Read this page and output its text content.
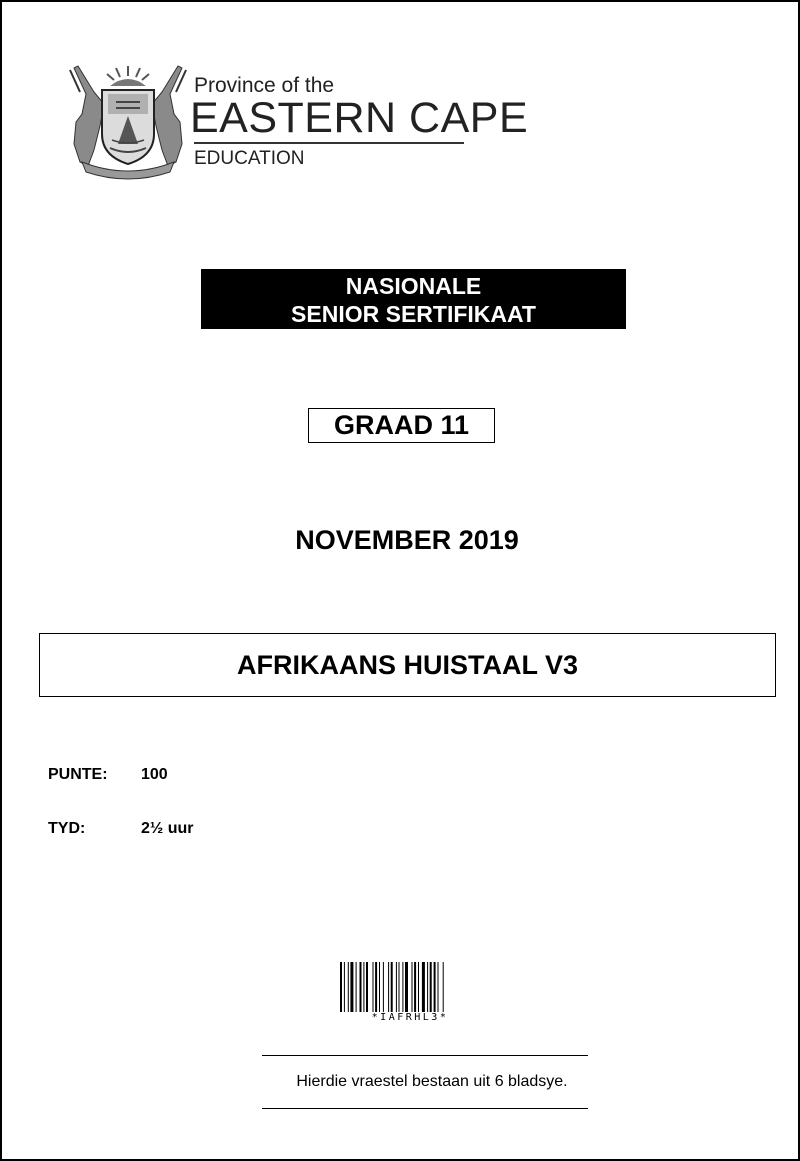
Province of the
EASTERN CAPE
EDUCATION
NASIONALE
SENIOR SERTIFIKAAT
GRAAD 11
NOVEMBER 2019
AFRIKAANS HUISTAAL V3
PUNTE: 100
TYD:	2½ uur
*IAFRHL3*
Hierdie vraestel bestaan uit 6 bladsye.
